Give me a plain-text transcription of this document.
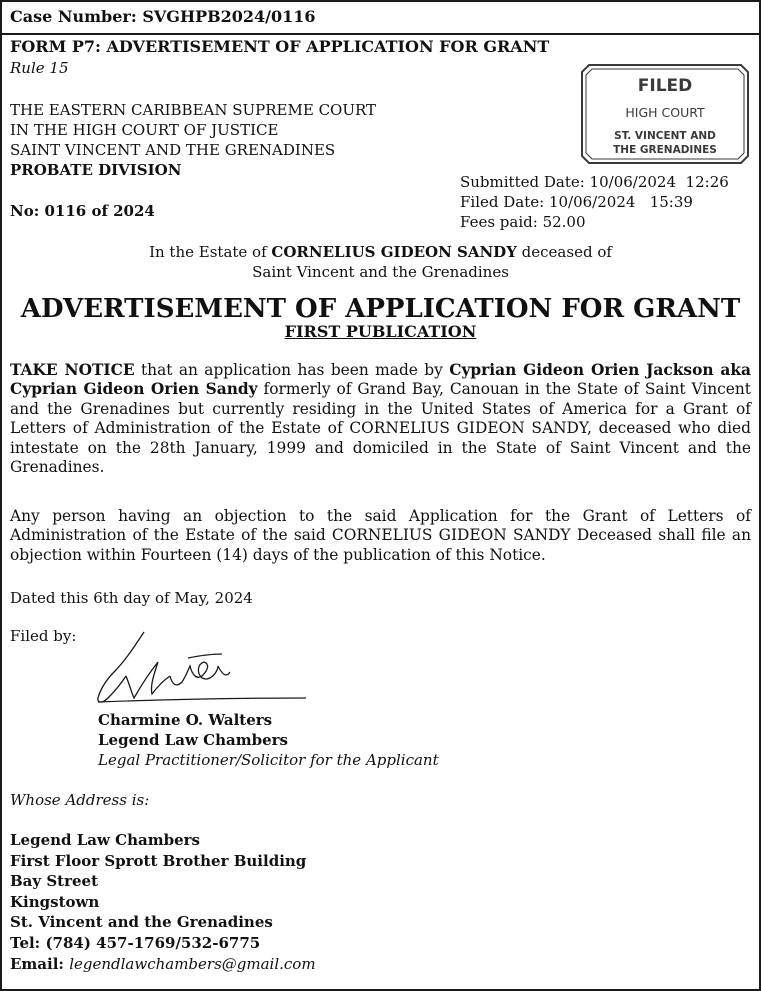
Case Number: SVGHPB2024/0116
FORM P7: ADVERTISEMENT OF APPLICATION FOR GRANT
Rule 15
THE EASTERN CARIBBEAN SUPREME COURT
IN THE HIGH COURT OF JUSTICE
SAINT VINCENT AND THE GRENADINES
PROBATE DIVISION
No: 0116 of 2024
FILED
HIGH COURT
ST. VINCENT AND
THE GRENADINES
Submitted Date: 10/06/2024  12:26
Filed Date: 10/06/2024   15:39
Fees paid: 52.00
In the Estate of CORNELIUS GIDEON SANDY deceased of
Saint Vincent and the Grenadines
ADVERTISEMENT OF APPLICATION FOR GRANT
FIRST PUBLICATION
TAKE NOTICE that an application has been made by Cyprian Gideon Orien Jackson aka Cyprian Gideon Orien Sandy formerly of Grand Bay, Canouan in the State of Saint Vincent and the Grenadines but currently residing in the United States of America for a Grant of Letters of Administration of the Estate of CORNELIUS GIDEON SANDY, deceased who died intestate on the 28th January, 1999 and domiciled in the State of Saint Vincent and the Grenadines.
Any person having an objection to the said Application for the Grant of Letters of Administration of the Estate of the said CORNELIUS GIDEON SANDY Deceased shall file an objection within Fourteen (14) days of the publication of this Notice.
Dated this 6th day of May, 2024
Filed by:
Charmine O. Walters
Legend Law Chambers
Legal Practitioner/Solicitor for the Applicant
Whose Address is:
Legend Law Chambers
First Floor Sprott Brother Building
Bay Street
Kingstown
St. Vincent and the Grenadines
Tel: (784) 457-1769/532-6775
Email: legendlawchambers@gmail.com
